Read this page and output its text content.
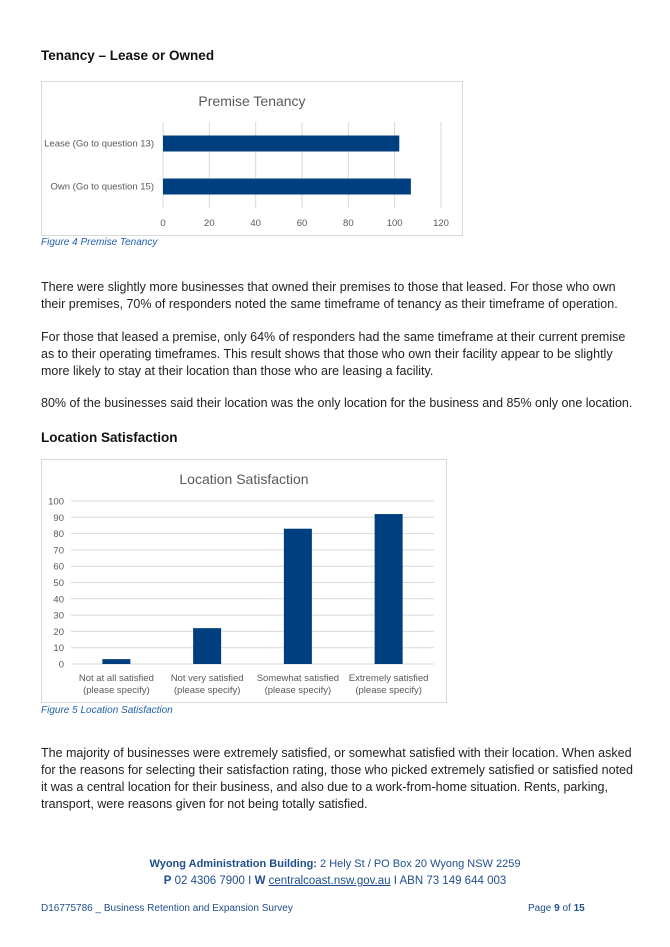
Tenancy – Lease or Owned
Premise Tenancy
0	20	40	60	80	100	120
Lease (Go to question 13)
Own (Go to question 15)

Figure 4 Premise Tenancy

There were slightly more businesses that owned their premises to those that leased. For those who own their premises, 70% of responders noted the same timeframe of tenancy as their timeframe of operation.

For those that leased a premise, only 64% of responders had the same timeframe at their current premise as to their operating timeframes. This result shows that those who own their facility appear to be slightly more likely to stay at their location than those who are leasing a facility.

80% of the businesses said their location was the only location for the business and 85% only one location.

Location Satisfaction
Location Satisfaction
0
10
20
30
40
50
60
70
80
90
100
Not at all satisfied
(please specify)
Not very satisfied
(please specify)
Somewhat satisfied
(please specify)
Extremely satisfied
(please specify)

Figure 5 Location Satisfaction

The majority of businesses were extremely satisfied, or somewhat satisfied with their location. When asked for the reasons for selecting their satisfaction rating, those who picked extremely satisfied or satisfied noted it was a central location for their business, and also due to a work-from-home situation. Rents, parking, transport, were reasons given for not being totally satisfied.

Wyong Administration Building: 2 Hely St / PO Box 20 Wyong NSW 2259
P 02 4306 7900 I W centralcoast.nsw.gov.au I ABN 73 149 644 003
D16775786 _ Business Retention and Expansion Survey	Page 9 of 15
